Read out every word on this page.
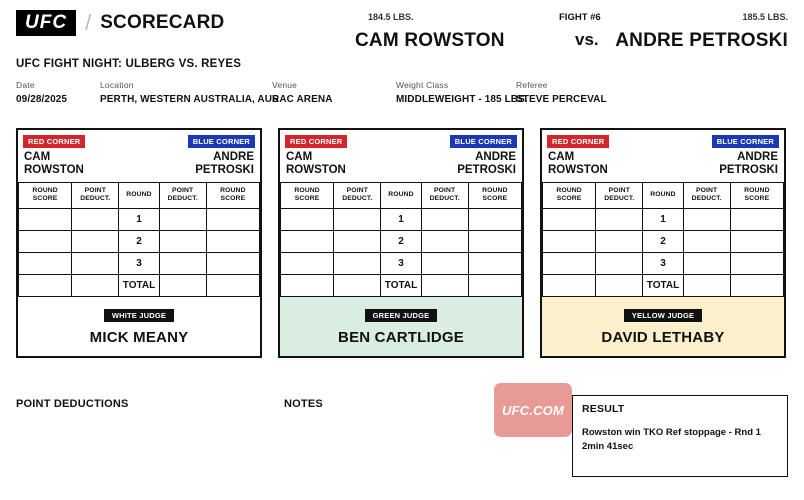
UFC / SCORECARD
UFC FIGHT NIGHT: ULBERG VS. REYES
Date
09/28/2025
Location
PERTH, WESTERN AUSTRALIA, AUS
Venue
RAC ARENA
Weight Class
MIDDLEWEIGHT - 185 LBS.
Referee
STEVE PERCEVAL
184.5 LBS.
CAM ROWSTON
FIGHT #6
vs.
185.5 LBS.
ANDRE PETROSKI
RED CORNER	BLUE CORNER
CAM
ROWSTON
ANDRE
PETROSKI
ROUND SCORE	POINT DEDUCT.	ROUND	POINT DEDUCT.	ROUND SCORE
		1		
		2		
		3		
		TOTAL		
WHITE JUDGE
MICK MEANY
RED CORNER	BLUE CORNER
CAM
ROWSTON
ANDRE
PETROSKI
ROUND SCORE	POINT DEDUCT.	ROUND	POINT DEDUCT.	ROUND SCORE
		1		
		2		
		3		
		TOTAL		
GREEN JUDGE
BEN CARTLIDGE
RED CORNER	BLUE CORNER
CAM
ROWSTON
ANDRE
PETROSKI
ROUND SCORE	POINT DEDUCT.	ROUND	POINT DEDUCT.	ROUND SCORE
		1		
		2		
		3		
		TOTAL		
YELLOW JUDGE
DAVID LETHABY
POINT DEDUCTIONS	NOTES	UFC.COM	RESULT
Rowston win TKO Ref stoppage - Rnd 1 2min 41sec
